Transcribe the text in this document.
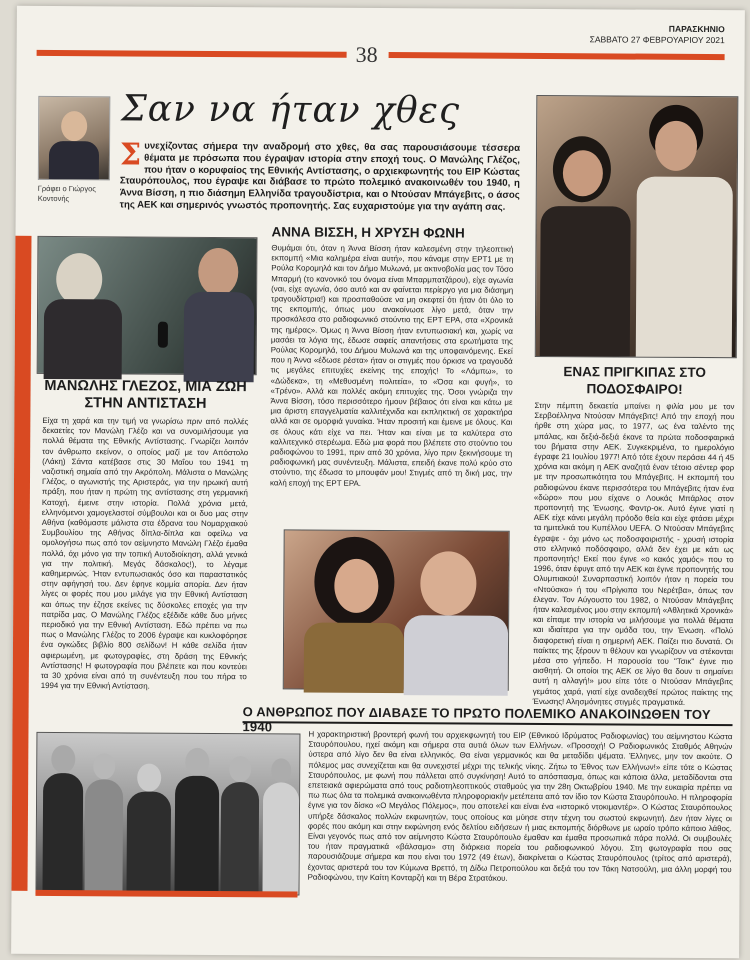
ΠΑΡΑΣΚΗΝΙΟ
ΣΑΒΒΑΤΟ 27 ΦΕΒΡΟΥΑΡΙΟΥ 2021
38
Γράφει ο Γιώργος Κοντονής
Σαν να ήταν χθες
Συνεχίζοντας σήμερα την αναδρομή στο χθες, θα σας παρουσιάσουμε τέσσερα θέματα με πρόσωπα που έγραψαν ιστορία στην εποχή τους. Ο Μανώλης Γλέζος, που ήταν ο κορυφαίος της Εθνικής Αντίστασης, ο αρχιεκφωνητής του ΕΙΡ Κώστας Σταυρόπουλος, που έγραψε και διάβασε το πρώτο πολεμικό ανακοινωθέν του 1940, η Άννα Βίσση, η πιο διάσημη Ελληνίδα τραγουδίστρια, και ο Ντούσαν Μπάγεβιτς, ο άσος της ΑΕΚ και σημερινός γνωστός προπονητής. Σας ευχαριστούμε για την αγάπη σας.
ΜΑΝΩΛΗΣ ΓΛΕΖΟΣ, ΜΙΑ ΖΩΗ ΣΤΗΝ ΑΝΤΙΣΤΑΣΗ
Είχα τη χαρά και την τιμή να γνωρίσω πριν από πολλές δεκαετίες τον Μανώλη Γλέζο και να συνομιλήσουμε για πολλά θέματα της Εθνικής Αντίστασης. Γνωρίζει λοιπόν τον άνθρωπο εκείνον, ο οποίος μαζί με τον Απόστολο (Λάκη) Σάντα κατέβασε στις 30 Μαΐου του 1941 τη ναζιστική σημαία από την Ακρόπολη. Μάλιστα ο Μανώλης Γλέζος, ο αγωνιστής της Αριστεράς, για την ηρωική αυτή πράξη, που ήταν η πρώτη της αντίστασης στη γερμανική Κατοχή, έμεινε στην ιστορία. Πολλά χρόνια μετά, ελληνόμενοι χαμογελαστοί σύμβουλοι και οι δυο μας στην Αθήνα (καθόμαστε μάλιστα στα έδρανα του Νομαρχιακού Συμβουλίου της Αθήνας δίπλα-δίπλα και οφείλω να ομολογήσω πως από τον αείμνηστο Μανώλη Γλέζο έμαθα πολλά, όχι μόνο για την τοπική Αυτοδιοίκηση, αλλά γενικά για την πολιτική. Μεγάς δάσκαλος!), το λέγαμε καθημερινώς. Ήταν εντυπωσιακός όσο και παραστατικός στην αφήγησή του. Δεν έφηνε κομμία απορία. Δεν ήταν λίγες οι φορές που μου μιλάγε για την Εθνική Αντίσταση και όπως την έζησε εκείνες τις δύσκολες εποχές για την πατρίδα μας. Ο Μανώλης Γλέζος εξέδιδε κάθε δυο μήνες περιοδικό για την Εθνική Αντίσταση. Εδώ πρέπει να πω πως ο Μανώλης Γλέζος το 2006 έγραψε και κυκλοφόρησε ένα ογκώδες βιβλίο 800 σελίδων! Η κάθε σελίδα ήταν αφιερωμένη, με φωτογραφίες, στη δράση της Εθνικής Αντίστασης! Η φωτογραφία που βλέπετε και που κοντεύει τα 30 χρόνια είναι από τη συνέντευξη που του πήρα το 1994 για την Εθνική Αντίσταση.
ΑΝΝΑ ΒΙΣΣΗ, Η ΧΡΥΣΗ ΦΩΝΗ
Θυμάμαι ότι, όταν η Άννα Βίσση ήταν καλεσμένη στην τηλεοπτική εκπομπή «Μια καλημέρα είναι αυτή», που κάναμε στην ΕΡΤ1 με τη Ρούλα Κορομηλά και τον Δήμο Μυλωνά, με ακτινοβολία μας τον Τόσο Μπαρμή (το κανονικό του όνομα είναι Μπαρμπατζάρου), είχε αγωνία (ναι, είχε αγωνία, όσο αυτό και αν φαίνεται περίεργο για μια διάσημη τραγουδίστρια!) και προσπαθούσε να μη σκεφτεί ότι ήταν ότι όλο το της εκπομπής, όπως μου ανακοίνωσε λίγο μετά, όταν την προσκάλεσα στο ραδιοφωνικό στούντιο της ΕΡΤ ΕΡΑ, στα «Χρονικά της ημέρας». Όμως η Άννα Βίσση ήταν εντυπωσιακή και, χωρίς να μασάει τα λόγια της, έδωσε σαφείς απαντήσεις στα ερωτήματα της Ρούλας Κορομηλά, του Δήμου Μυλωνά και της υποφαινόμενης. Εκεί που η Άννα «έδωσε ρέστα» ήταν οι στιγμές που όρκισε να τραγουδά τις μεγάλες επιτυχίες εκείνης της εποχής! Το «Λάμπω», το «Δώδεκα», τη «Μεθυσμένη πολιτεία», το «Όσα και φυγή», το «Τρένο». Αλλά και πολλές ακόμη επιτυχίες της. Όσοι γνώριζα την Άννα Βίσση, τόσο περισσότερο ήμουν βέβαιος ότι είναι και κάτω με μια άριστη επαγγελματία καλλιτέχνιδα και εκπληκτική σε χαρακτήρα αλλά και σε ομορφιά γυναίκα. Ήταν προσιτή και έμεινε με όλους. Και σε όλους κάτι είχε να πει. Ήταν και είναι με τα καλύτερα στο καλλιτεχνικό στερέωμα. Εδώ μια φορά που βλέπετε στο στούντιο του ραδιοφώνου το 1991, πριν από 30 χρόνια, λίγο πριν ξεκινήσουμε τη ραδιοφωνική μας συνέντευξη. Μάλιστα, επειδή έκανε πολύ κρύο στο στούντιο, της έδωσα το μπουφάν μου! Στιγμές από τη δική μας, την καλή εποχή της ΕΡΤ ΕΡΑ.
ΕΝΑΣ ΠΡΙΓΚΙΠΑΣ ΣΤΟ ΠΟΔΟΣΦΑΙΡΟ!
Στην πέμπτη δεκαετία μπαίνει η φιλία μου με τον Σερβοέλληνα Ντούσαν Μπάγεβιτς! Από την εποχή που ήρθε στη χώρα μας, το 1977, ως ένα ταλέντο της μπάλας, και δεξιά-δεξιά έκανε τα πρώτα ποδοσφαιρικά του βήματα στην ΑΕΚ. Συγκεκριμένα, το ημερολόγιο έγραφε 21 Ιουλίου 1977! Από τότε έχουν περάσει 44 ή 45 χρόνια και ακόμη η ΑΕΚ αναζητά έναν τέτοιο σέντερ φορ με την προσωπικότητα του Μπάγεβιτς. Η εκπομπή του ραδιοφώνου έκανε περισσότερα του Μπάγεβιτς ήταν ένα «δώρο» που μου είχανε ο Λουκάς Μπάρλος στον προπονητή της Ένωσης. Φαντρ-οκ. Αυτό έγινε γιατί η ΑΕΚ είχε κάνει μεγάλη πρόοδο θεία και είχε φτάσει μέχρι τα ημιτελικά του Κυπέλλου UEFA. Ο Ντούσαν Μπάγεβιτς έγραψε - όχι μόνο ως ποδοσφαιριστής - χρυσή ιστορία στο ελληνικό ποδόσφαιρο, αλλά δεν έχει με κάτι ως προπονητής! Εκεί που έγινε «ο κακός χαμός» που το 1996, όταν έφυγε από την ΑΕΚ και έγινε προπονητής του Ολυμπιακού! Συναρπαστική λοιπόν ήταν η πορεία του «Ντούσκο» ή του «Πρίγκιπα του Νερέτβα», όπως τον έλεγαν. Τον Αύγουστο του 1982, ο Ντούσαν Μπάγεβιτς ήταν καλεσμένος μου στην εκπομπή «Αθλητικά Χρονικά» και είπαμε την ιστορία να μιλήσουμε για πολλά θέματα και ιδιαίτερα για την ομάδα του, την Ένωση. «Πολύ διαφορετική είναι η σημερινή ΑΕΚ. Παίζει πιο δυνατά. Οι παίκτες της ξέρουν τι θέλουν και γνωρίζουν να στέκονται μέσα στο γήπεδο. Η παρουσία του "Τσικ" έγινε πιο αισθητή. Οι οποίοι της ΑΕΚ σε λίγο θα δουν τι σημαίνει αυτή η αλλαγή!» μου είπε τότε ο Ντούσαν Μπάγεβιτς γεμάτος χαρά, γιατί είχε αναδειχθεί πρώτος παίκτης της Ένωσης! Αλησμόνητες στιγμές πραγματικά.
Ο ΑΝΘΡΩΠΟΣ ΠΟΥ ΔΙΑΒΑΣΕ ΤΟ ΠΡΩΤΟ ΠΟΛΕΜΙΚΟ ΑΝΑΚΟΙΝΩΘΕΝ ΤΟΥ 1940
Η χαρακτηριστική βροντερή φωνή του αρχιεκφωνητή του ΕΙΡ (Εθνικού Ιδρύματος Ραδιοφωνίας) του αείμνηστου Κώστα Σταυρόπουλου, ηχεί ακόμη και σήμερα στα αυτιά όλων των Ελλήνων. «Προσοχή! Ο Ραδιοφωνικός Σταθμός Αθηνών ύστερα από λίγο δεν θα είναι ελληνικός. Θα είναι γερμανικός και θα μεταδίδει ψέματα. Έλληνες, μην τον ακούτε. Ο πόλεμος μας συνεχίζεται και θα συνεχιστεί μέχρι της τελικής νίκης. Ζήτω το Έθνος των Ελλήνων!» είπε τότε ο Κώστας Σταυρόπουλος, με φωνή που πάλλεται από συγκίνηση! Αυτό το απόσπασμα, όπως και κάποια άλλα, μεταδίδονται στα επετειακά αφιερώματα από τους ραδιοτηλεοπτικούς σταθμούς για την 28η Οκτωβρίου 1940. Με την ευκαιρία πρέπει να πω πως όλα τα πολεμικά ανακοινωθέντα πληροφοριακήν μετέπειτα από τον ίδιο τον Κώστα Σταυρόπουλο. Η πληροφορία έγινε για τον δίσκο «Ο Μεγάλος Πόλεμος», που αποτελεί και είναι ένα «ιστορικό ντοκιμαντέρ». Ο Κώστας Σταυρόπουλος υπήρξε δάσκαλος πολλών εκφωνητών, τους οποίους και μύησε στην τέχνη του σωστού εκφωνητή. Δεν ήταν λίγες οι φορές που ακόμη και στην εκφώνηση ενός δελτίου ειδήσεων ή μιας εκπομπής διόρθωνε με ωραίο τρόπο κάποιο λάθος. Είναι γεγονός πως από τον αείμνηστο Κώστα Σταυρόπουλο έμαθαν και έμαθα προσωπικά πάρα πολλά. Οι συμβουλές του ήταν πραγματικά «βάλσαμο» στη διάρκεια πορεία του ραδιοφωνικού λόγου. Στη φωτογραφία που σας παρουσιάζουμε σήμερα και που είναι του 1972 (49 έτων), διακρίνεται ο Κώστας Σταυρόπουλος (τρίτος από αριστερά), έχοντας αριστερά του τον Κύμωνα Βρεττό, τη Δίδω Πετροπούλου και δεξιά του τον Τάκη Νατσούλη, μια άλλη μορφή του Ραδιοφώνου, την Καίτη Κονταρζή και τη Βέρα Στρατάκου.
